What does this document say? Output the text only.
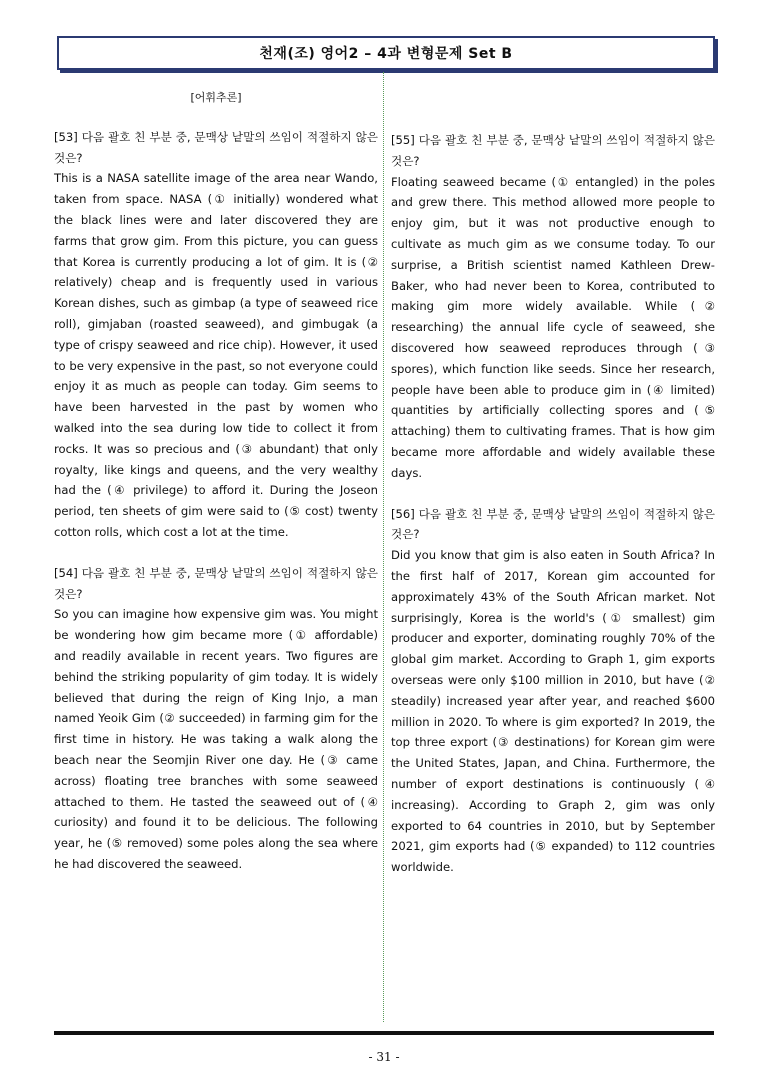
천재(조) 영어2 – 4과 변형문제 Set B
[어휘추론]
[53] 다음 괄호 친 부분 중, 문맥상 낱말의 쓰임이 적절하지 않은 것은?
This is a NASA satellite image of the area near Wando, taken from space. NASA (① initially) wondered what the black lines were and later discovered they are farms that grow gim. From this picture, you can guess that Korea is currently producing a lot of gim. It is (② relatively) cheap and is frequently used in various Korean dishes, such as gimbap (a type of seaweed rice roll), gimjaban (roasted seaweed), and gimbugak (a type of crispy seaweed and rice chip). However, it used to be very expensive in the past, so not everyone could enjoy it as much as people can today. Gim seems to have been harvested in the past by women who walked into the sea during low tide to collect it from rocks. It was so precious and (③ abundant) that only royalty, like kings and queens, and the very wealthy had the (④ privilege) to afford it. During the Joseon period, ten sheets of gim were said to (⑤ cost) twenty cotton rolls, which cost a lot at the time.
[54] 다음 괄호 친 부분 중, 문맥상 낱말의 쓰임이 적절하지 않은 것은?
So you can imagine how expensive gim was. You might be wondering how gim became more (① affordable) and readily available in recent years. Two figures are behind the striking popularity of gim today. It is widely believed that during the reign of King Injo, a man named Yeoik Gim (② succeeded) in farming gim for the first time in history. He was taking a walk along the beach near the Seomjin River one day. He (③ came across) floating tree branches with some seaweed attached to them. He tasted the seaweed out of (④ curiosity) and found it to be delicious. The following year, he (⑤ removed) some poles along the sea where he had discovered the seaweed.
[55] 다음 괄호 친 부분 중, 문맥상 낱말의 쓰임이 적절하지 않은 것은?
Floating seaweed became (① entangled) in the poles and grew there. This method allowed more people to enjoy gim, but it was not productive enough to cultivate as much gim as we consume today. To our surprise, a British scientist named Kathleen Drew-Baker, who had never been to Korea, contributed to making gim more widely available. While (② researching) the annual life cycle of seaweed, she discovered how seaweed reproduces through (③ spores), which function like seeds. Since her research, people have been able to produce gim in (④ limited) quantities by artificially collecting spores and (⑤ attaching) them to cultivating frames. That is how gim became more affordable and widely available these days.
[56] 다음 괄호 친 부분 중, 문맥상 낱말의 쓰임이 적절하지 않은 것은?
Did you know that gim is also eaten in South Africa? In the first half of 2017, Korean gim accounted for approximately 43% of the South African market. Not surprisingly, Korea is the world's (① smallest) gim producer and exporter, dominating roughly 70% of the global gim market. According to Graph 1, gim exports overseas were only $100 million in 2010, but have (② steadily) increased year after year, and reached $600 million in 2020. To where is gim exported? In 2019, the top three export (③ destinations) for Korean gim were the United States, Japan, and China. Furthermore, the number of export destinations is continuously (④ increasing). According to Graph 2, gim was only exported to 64 countries in 2010, but by September 2021, gim exports had (⑤ expanded) to 112 countries worldwide.
- 31 -
